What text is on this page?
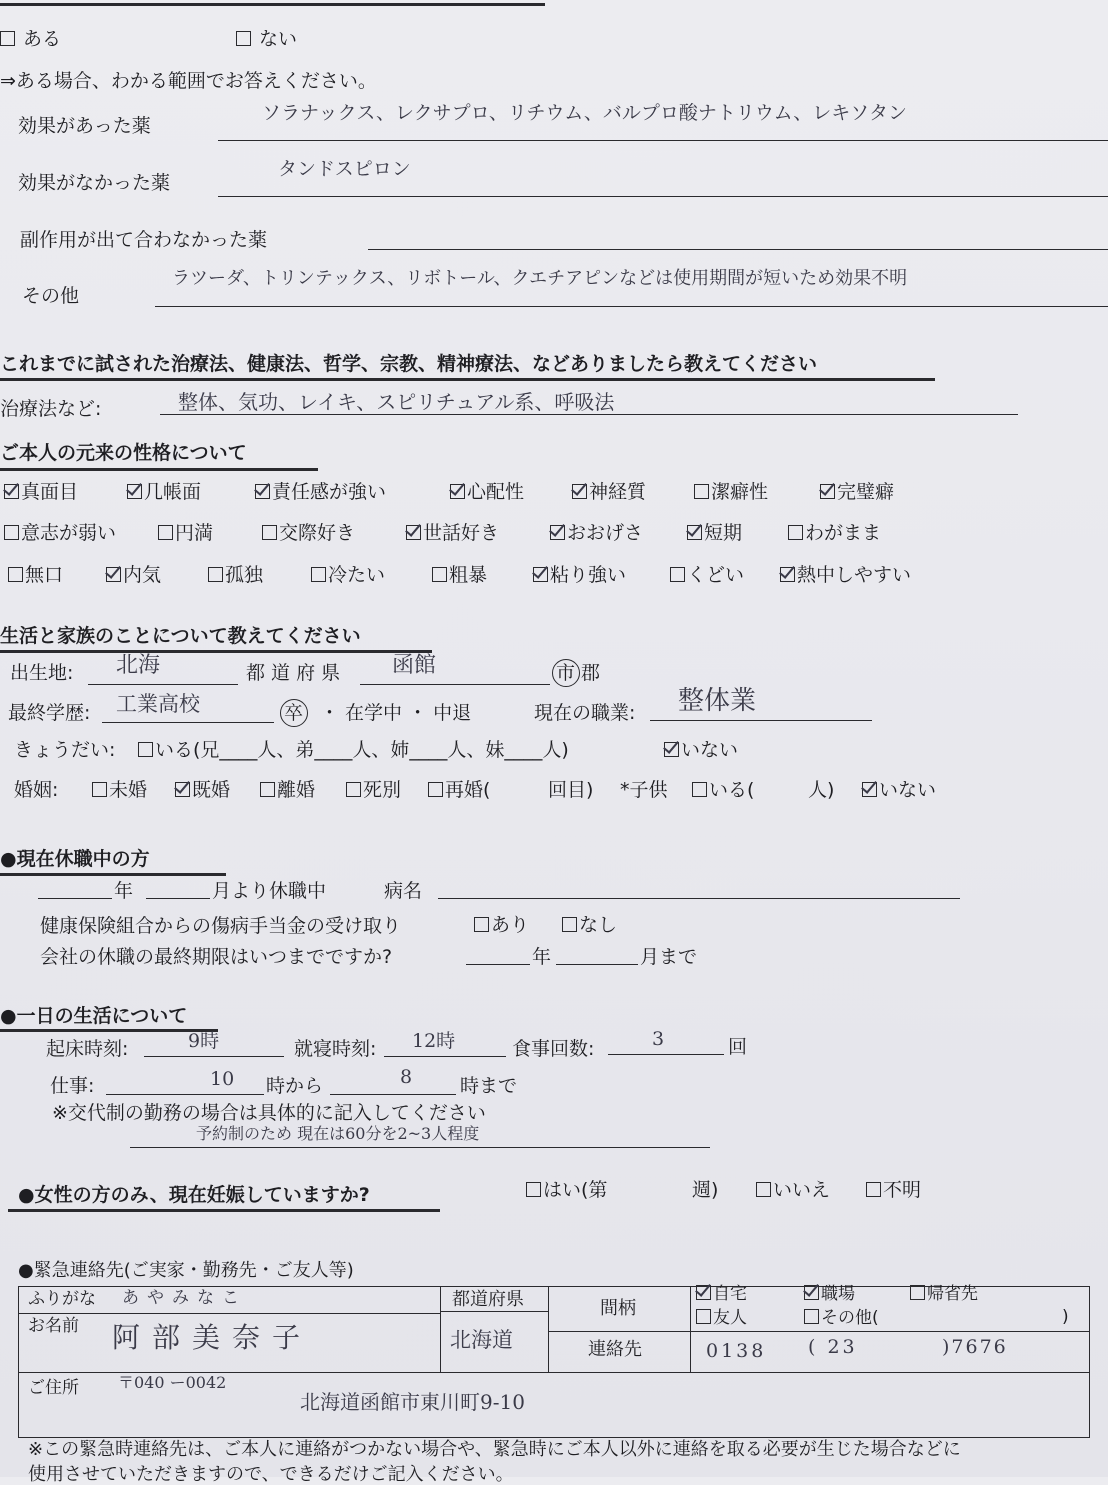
ある	ない
⇒ある場合、わかる範囲でお答えください。
効果があった薬
ソラナックス、レクサプロ、リチウム、バルプロ酸ナトリウム、レキソタン
効果がなかった薬
タンドスピロン
副作用が出て合わなかった薬
その他
ラツーダ、トリンテックス、リボトール、クエチアピンなどは使用期間が短いため効果不明
これまでに試された治療法、健康法、哲学、宗教、精神療法、などありましたら教えてください
治療法など:	整体、気功、レイキ、スピリチュアル系、呼吸法
ご本人の元来の性格について
真面目	几帳面	責任感が強い	心配性	神経質	潔癖性	完璧癖
意志が弱い	円満	交際好き	世話好き	おおげさ	短期	わがまま
無口	内気	孤独	冷たい	粗暴	粘り強い	くどい	熱中しやすい
生活と家族のことについて教えてください
出生地: 北海	都 道 府 県 函館	市 郡
最終学歴: 工業高校	卒 ・ 在学中 ・ 中退	現在の職業: 整体業
きょうだい:	いる(兄____人、弟____人、姉____人、妹____人)	いない
婚姻:	未婚	既婚	離婚	死別	再婚(	回目) *子供	いる(	人)	いない
●現在休職中の方
年	月より休職中	病名
健康保険組合からの傷病手当金の受け取り	あり	なし
会社の休職の最終期限はいつまでですか?	年	月まで
●一日の生活について
起床時刻:	9時	就寝時刻: 12時	食事回数:	3	回
仕事:	10 時から	8	時まで
※交代制の勤務の場合は具体的に記入してください
予約制のため 現在は60分を2~3人程度
●女性の方のみ、現在妊娠していますか?	はい(第	週)	いいえ	不明
●緊急連絡先(ご実家・勤務先・ご友人等)
ふりがな あやみなこ
お名前 阿部美奈子
都道府県
北海道
間柄
自宅	職場	帰省先
友人	その他(	)
連絡先	0138 ( 23	)7676
ご住所 〒040 ー0042
北海道函館市東川町9-10
※この緊急時連絡先は、ご本人に連絡がつかない場合や、緊急時にご本人以外に連絡を取る必要が生じた場合などに
使用させていただきますので、できるだけご記入ください。
